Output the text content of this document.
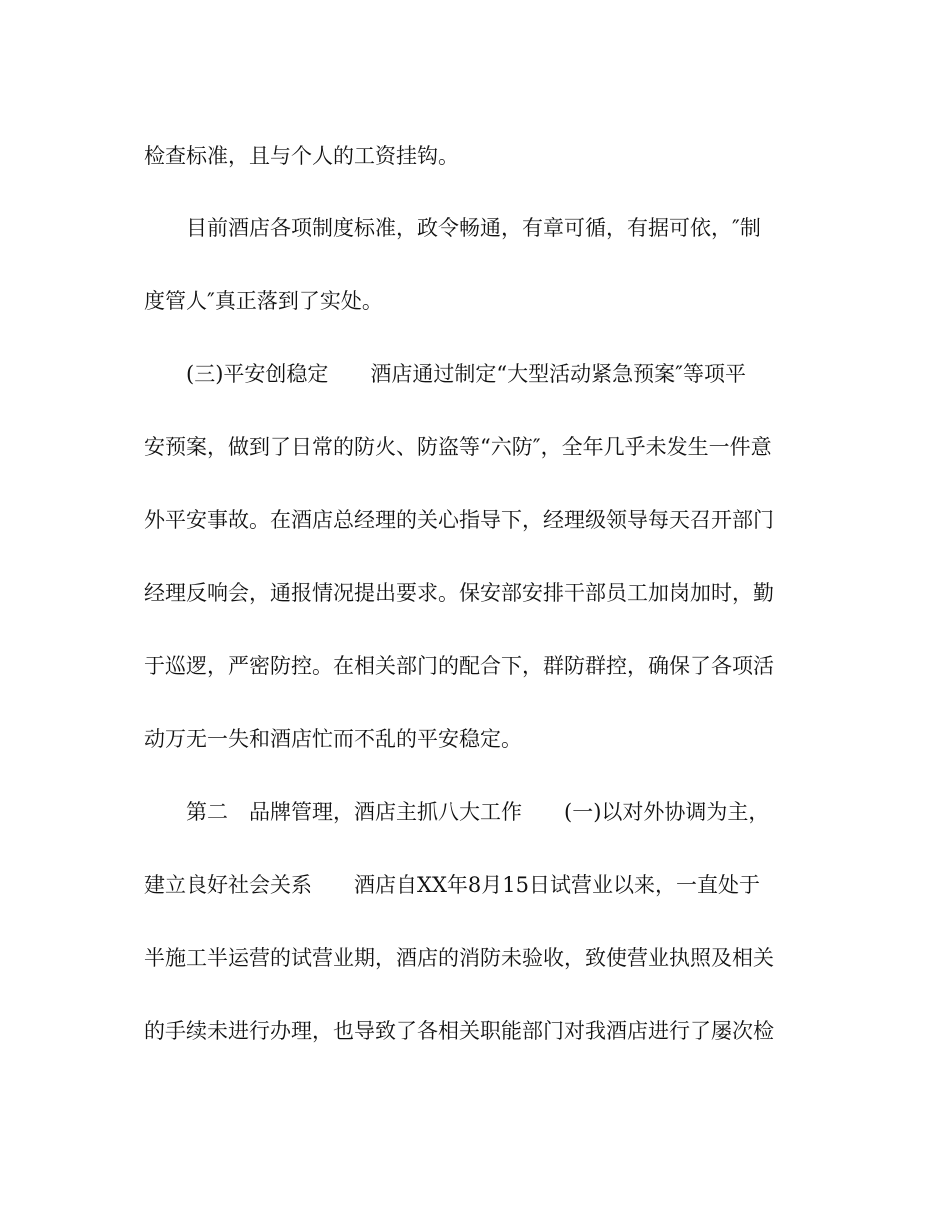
检查标准，且与个人的工资挂钩。

目前酒店各项制度标准，政令畅通，有章可循，有据可依，″制

度管人″真正落到了实处。

(三)平安创稳定　　酒店通过制定“大型活动紧急预案″等项平

安预案，做到了日常的防火、防盗等“六防″，全年几乎未发生一件意

外平安事故。在酒店总经理的关心指导下，经理级领导每天召开部门

经理反响会，通报情况提出要求。保安部安排干部员工加岗加时，勤

于巡逻，严密防控。在相关部门的配合下，群防群控，确保了各项活

动万无一失和酒店忙而不乱的平安稳定。

第二　品牌管理，酒店主抓八大工作　　(一)以对外协调为主，

建立良好社会关系　　酒店自XX年8月15日试营业以来，一直处于

半施工半运营的试营业期，酒店的消防未验收，致使营业执照及相关

的手续未进行办理，也导致了各相关职能部门对我酒店进行了屡次检
